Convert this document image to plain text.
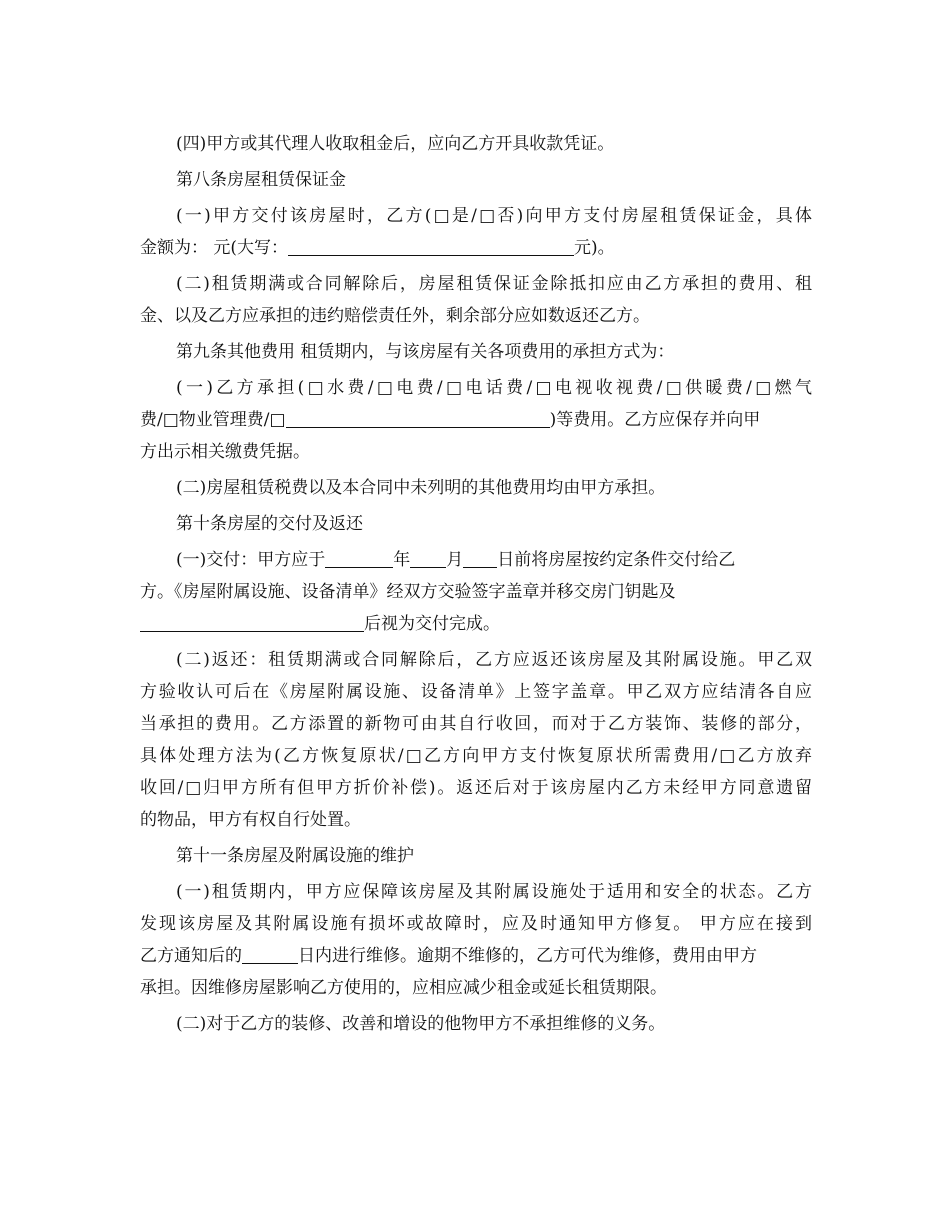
(四)甲方或其代理人收取租金后，应向乙方开具收款凭证。
第八条房屋租赁保证金
(一)甲方交付该房屋时，乙方(□是/□否)向甲方支付房屋租赁保证金，具体
金额为： 元(大写：	元)。
(二)租赁期满或合同解除后，房屋租赁保证金除抵扣应由乙方承担的费用、租
金、以及乙方应承担的违约赔偿责任外，剩余部分应如数返还乙方。
第九条其他费用 租赁期内，与该房屋有关各项费用的承担方式为：
(一)乙方承担(□水费/□电费/□电话费/□电视收视费/□供暖费/□燃气
费/□物业管理费/□	)等费用。乙方应保存并向甲
方出示相关缴费凭据。
(二)房屋租赁税费以及本合同中未列明的其他费用均由甲方承担。
第十条房屋的交付及返还
(一)交付：甲方应于	年 月 日前将房屋按约定条件交付给乙
方。《房屋附属设施、设备清单》经双方交验签字盖章并移交房门钥匙及
后视为交付完成。
(二)返还：租赁期满或合同解除后，乙方应返还该房屋及其附属设施。甲乙双
方验收认可后在《房屋附属设施、设备清单》上签字盖章。甲乙双方应结清各自应
当承担的费用。乙方添置的新物可由其自行收回，而对于乙方装饰、装修的部分，
具体处理方法为(乙方恢复原状/□乙方向甲方支付恢复原状所需费用/□乙方放弃
收回/□归甲方所有但甲方折价补偿)。返还后对于该房屋内乙方未经甲方同意遗留
的物品，甲方有权自行处置。
第十一条房屋及附属设施的维护
(一)租赁期内，甲方应保障该房屋及其附属设施处于适用和安全的状态。乙方
发现该房屋及其附属设施有损坏或故障时，应及时通知甲方修复。 甲方应在接到
乙方通知后的	日内进行维修。逾期不维修的，乙方可代为维修，费用由甲方
承担。因维修房屋影响乙方使用的，应相应减少租金或延长租赁期限。
(二)对于乙方的装修、改善和增设的他物甲方不承担维修的义务。
